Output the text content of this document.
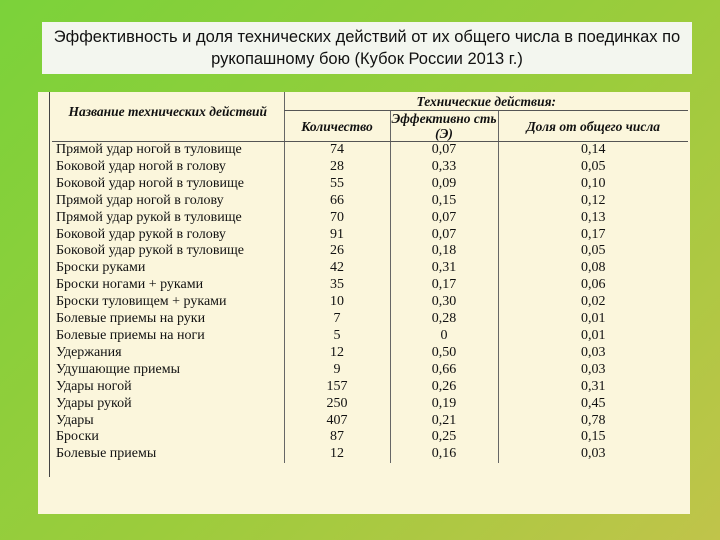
Эффективность и доля технических действий от их общего числа в поединках по рукопашному бою (Кубок России 2013 г.)
Название технических действий	Технические действия:		
	Количество	Эффективно сть (Э)	Доля от общего числа
Прямой удар ногой в туловище	74	0,07	0,14
Боковой удар ногой в голову	28	0,33	0,05
Боковой удар ногой в туловище	55	0,09	0,10
Прямой удар ногой в голову	66	0,15	0,12
Прямой удар рукой в туловище	70	0,07	0,13
Боковой удар рукой в голову	91	0,07	0,17
Боковой удар рукой в туловище	26	0,18	0,05
Броски руками	42	0,31	0,08
Броски ногами + руками	35	0,17	0,06
Броски туловищем + руками	10	0,30	0,02
Болевые приемы на руки	7	0,28	0,01
Болевые приемы на ноги	5	0	0,01
Удержания	12	0,50	0,03
Удушающие приемы	9	0,66	0,03
Удары ногой	157	0,26	0,31
Удары рукой	250	0,19	0,45
Удары	407	0,21	0,78
Броски	87	0,25	0,15
Болевые приемы	12	0,16	0,03
